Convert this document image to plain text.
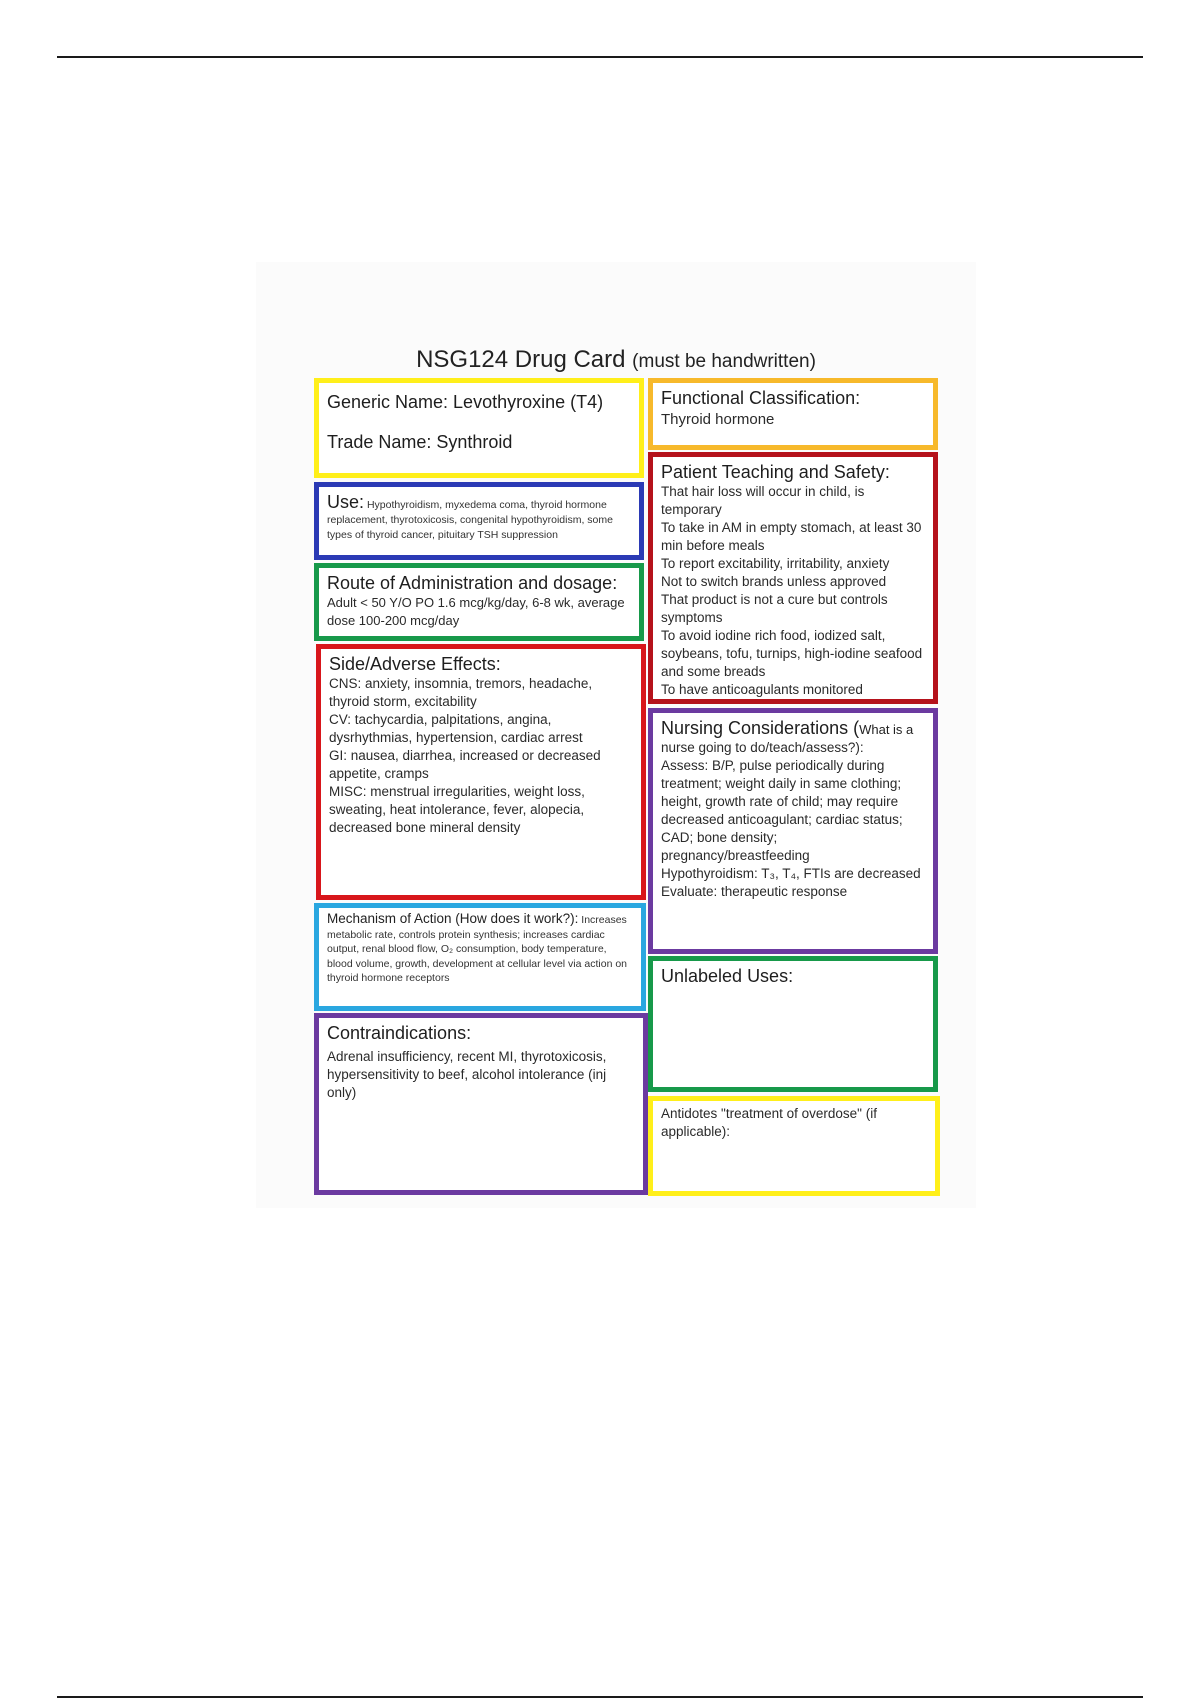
NSG124 Drug Card (must be handwritten)
Generic Name: Levothyroxine (T4)
Trade Name: Synthroid
Use: Hypothyroidism, myxedema coma, thyroid hormone replacement, thyrotoxicosis, congenital hypothyroidism, some types of thyroid cancer, pituitary TSH suppression
Route of Administration and dosage:
Adult < 50 Y/O PO 1.6 mcg/kg/day, 6-8 wk, average dose 100-200 mcg/day
Side/Adverse Effects:
CNS: anxiety, insomnia, tremors, headache, thyroid storm, excitability
CV: tachycardia, palpitations, angina, dysrhythmias, hypertension, cardiac arrest
GI: nausea, diarrhea, increased or decreased appetite, cramps
MISC: menstrual irregularities, weight loss, sweating, heat intolerance, fever, alopecia, decreased bone mineral density
Mechanism of Action (How does it work?): Increases metabolic rate, controls protein synthesis; increases cardiac output, renal blood flow, O₂ consumption, body temperature, blood volume, growth, development at cellular level via action on thyroid hormone receptors
Contraindications:
Adrenal insufficiency, recent MI, thyrotoxicosis, hypersensitivity to beef, alcohol intolerance (inj only)
Functional Classification:
Thyroid hormone
Patient Teaching and Safety:
That hair loss will occur in child, is temporary
To take in AM in empty stomach, at least 30 min before meals
To report excitability, irritability, anxiety
Not to switch brands unless approved
That product is not a cure but controls symptoms
To avoid iodine rich food, iodized salt, soybeans, tofu, turnips, high-iodine seafood and some breads
To have anticoagulants monitored
Nursing Considerations (What is a
nurse going to do/teach/assess?):
Assess: B/P, pulse periodically during treatment; weight daily in same clothing; height, growth rate of child; may require decreased anticoagulant; cardiac status; CAD; bone density; pregnancy/breastfeeding
Hypothyroidism: T₃, T₄, FTIs are decreased
Evaluate: therapeutic response
Unlabeled Uses:
Antidotes "treatment of overdose" (if applicable):
